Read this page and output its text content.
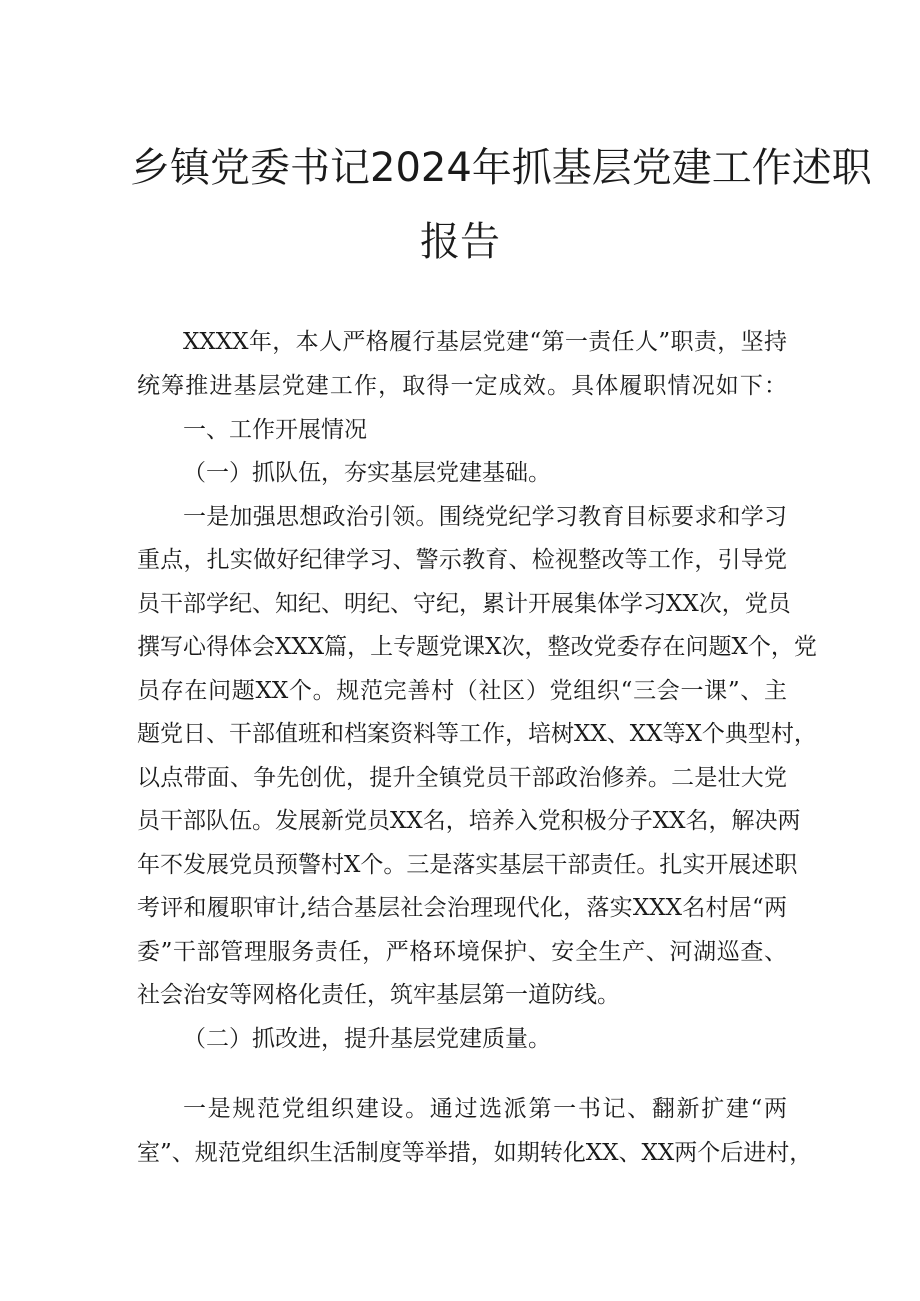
乡镇党委书记2024年抓基层党建工作述职
报告

XXXX年，本人严格履行基层党建“第一责任人”职责，坚持

统筹推进基层党建工作，取得一定成效。具体履职情况如下：

一、工作开展情况

（一）抓队伍，夯实基层党建基础。

一是加强思想政治引领。围绕党纪学习教育目标要求和学习

重点，扎实做好纪律学习、警示教育、检视整改等工作，引导党

员干部学纪、知纪、明纪、守纪，累计开展集体学习XX次，党员

撰写心得体会XXX篇，上专题党课X次，整改党委存在问题X个，党

员存在问题XX个。规范完善村（社区）党组织“三会一课”、主

题党日、干部值班和档案资料等工作，培树XX、XX等X个典型村，

以点带面、争先创优，提升全镇党员干部政治修养。二是壮大党

员干部队伍。发展新党员XX名，培养入党积极分子XX名，解决两

年不发展党员预警村X个。三是落实基层干部责任。扎实开展述职

考评和履职审计,结合基层社会治理现代化，落实XXX名村居“两

委”干部管理服务责任，严格环境保护、安全生产、河湖巡查、

社会治安等网格化责任，筑牢基层第一道防线。

（二）抓改进，提升基层党建质量。

一是规范党组织建设。通过选派第一书记、翻新扩建“两

室”、规范党组织生活制度等举措，如期转化XX、XX两个后进村，
